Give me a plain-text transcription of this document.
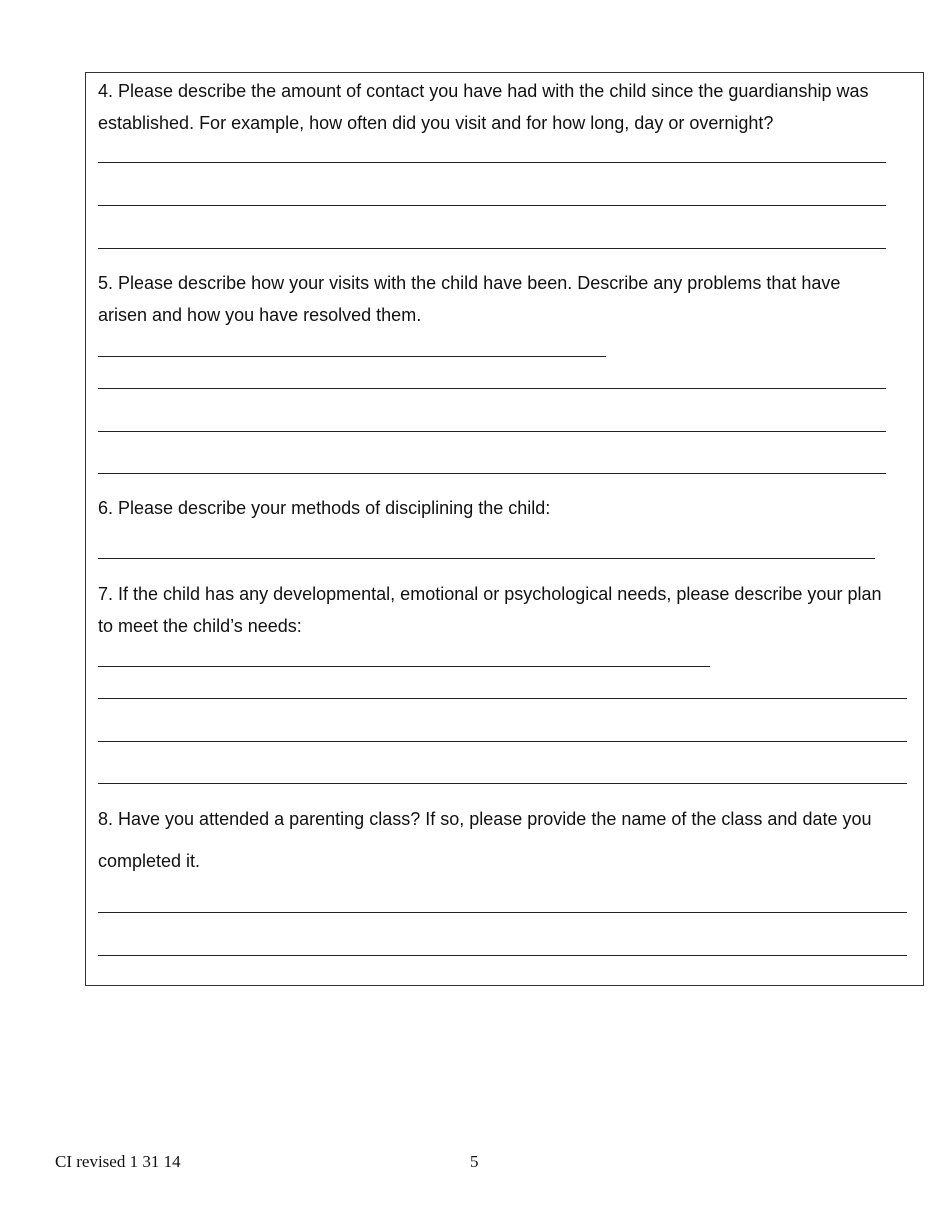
4. Please describe the amount of contact you have had with the child since the guardianship was

established. For example, how often did you visit and for how long, day or overnight?

5. Please describe how your visits with the child have been. Describe any problems that have

arisen and how you have resolved them.

6. Please describe your methods of disciplining the child:

7. If the child has any developmental, emotional or psychological needs, please describe your plan

to meet the child’s needs:

8. Have you attended a parenting class? If so, please provide the name of the class and date you

completed it.

CI revised 1 31 14	5
